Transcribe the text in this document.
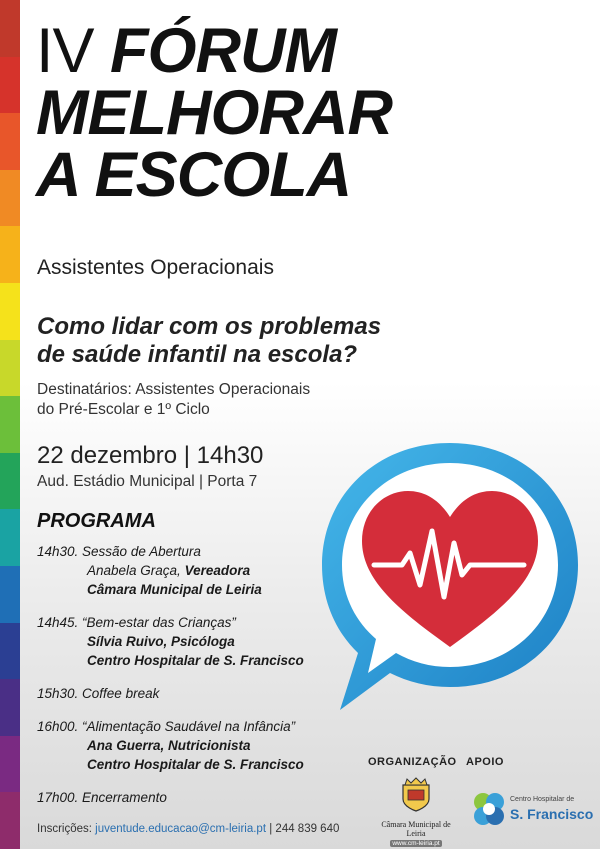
IV FÓRUM
MELHORAR
A ESCOLA
Assistentes Operacionais
Como lidar com os problemas
de saúde infantil na escola?
Destinatários: Assistentes Operacionais
do Pré-Escolar e 1º Ciclo
22 dezembro | 14h30
Aud. Estádio Municipal | Porta 7
PROGRAMA
14h30. Sessão de Abertura
Anabela Graça, Vereadora
Câmara Municipal de Leiria
14h45. “Bem-estar das Crianças”
Sílvia Ruivo, Psicóloga
Centro Hospitalar de S. Francisco
15h30. Coffee break
16h00. “Alimentação Saudável na Infância”
Ana Guerra, Nutricionista
Centro Hospitalar de S. Francisco
17h00. Encerramento
Inscrições: juventude.educacao@cm-leiria.pt | 244 839 640
ORGANIZAÇÃO APOIO
Câmara Municipal de Leiria
www.cm-leiria.pt
Centro Hospitalar de
S. Francisco
